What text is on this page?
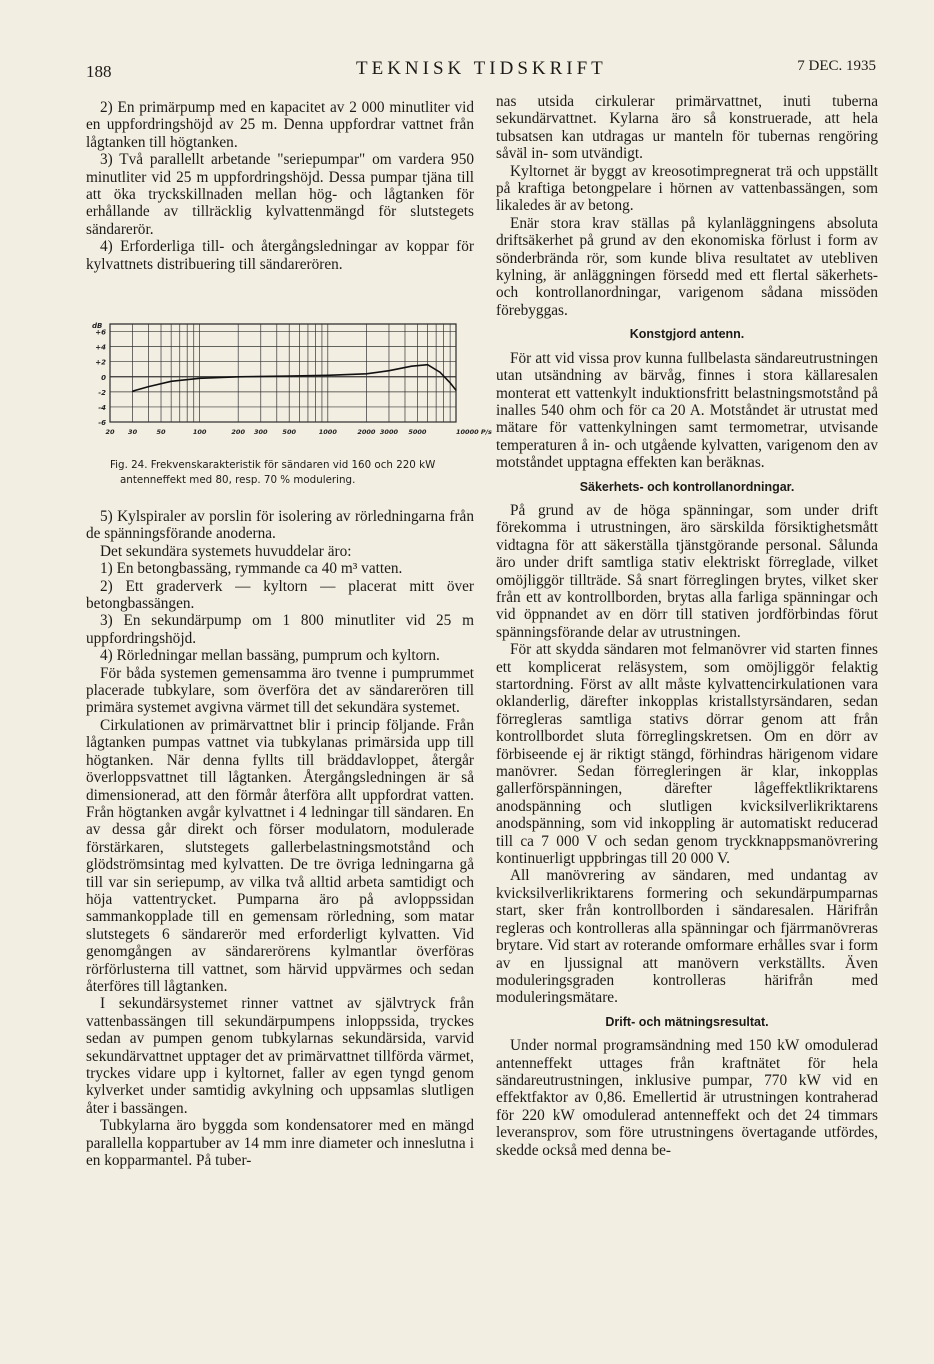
188	TEKNISK TIDSKRIFT	7 DEC. 1935

2) En primärpump med en kapacitet av 2 000 minutliter vid en uppfordringshöjd av 25 m. Denna uppfordrar vattnet från lågtanken till högtanken.

3) Två parallellt arbetande "seriepumpar" om vardera 950 minutliter vid 25 m uppfordringshöjd. Dessa pumpar tjäna till att öka tryckskillnaden mellan hög- och lågtanken för erhållande av tillräcklig kylvattenmängd för slutstegets sändarerör.

4) Erforderliga till- och återgångsledningar av koppar för kylvattnets distribuering till sändarerören.

dB
+6
+4
+2
0
-2
-4
-6
20 30	50	100	200 300 500	1000	2000 3000 5000	10000 P/s
Fig. 24. Frekvenskarakteristik för sändaren vid 160 och 220 kW
antenneffekt med 80, resp. 70 % modulering.

5) Kylspiraler av porslin för isolering av rörledningarna från de spänningsförande anoderna.

Det sekundära systemets huvuddelar äro:

1) En betongbassäng, rymmande ca 40 m³ vatten.

2) Ett graderverk — kyltorn — placerat mitt över betongbassängen.

3) En sekundärpump om 1 800 minutliter vid 25 m uppfordringshöjd.

4) Rörledningar mellan bassäng, pumprum och kyltorn.

För båda systemen gemensamma äro tvenne i pumprummet placerade tubkylare, som överföra det av sändarerören till primära systemet avgivna värmet till det sekundära systemet.

Cirkulationen av primärvattnet blir i princip följande. Från lågtanken pumpas vattnet via tubkylanas primärsida upp till högtanken. När denna fyllts till bräddavloppet, återgår överloppsvattnet till lågtanken. Återgångsledningen är så dimensionerad, att den förmår återföra allt uppfordrat vatten. Från högtanken avgår kylvattnet i 4 ledningar till sändaren. En av dessa går direkt och förser modulatorn, modulerade förstärkaren, slutstegets gallerbelastningsmotstånd och glödströmsintag med kylvatten. De tre övriga ledningarna gå till var sin seriepump, av vilka två alltid arbeta samtidigt och höja vattentrycket. Pumparna äro på avloppssidan sammankopplade till en gemensam rörledning, som matar slutstegets 6 sändarerör med erforderligt kylvatten. Vid genomgången av sändarerörens kylmantlar överföras rörförlusterna till vattnet, som härvid uppvärmes och sedan återföres till lågtanken.

I sekundärsystemet rinner vattnet av självtryck från vattenbassängen till sekundärpumpens inloppssida, tryckes sedan av pumpen genom tubkylarnas sekundärsida, varvid sekundärvattnet upptager det av primärvattnet tillförda värmet, tryckes vidare upp i kyltornet, faller av egen tyngd genom kylverket under samtidig avkylning och uppsamlas slutligen åter i bassängen.

Tubkylarna äro byggda som kondensatorer med en mängd parallella koppartuber av 14 mm inre diameter och inneslutna i en kopparmantel. På tuber-

nas utsida cirkulerar primärvattnet, inuti tuberna sekundärvattnet. Kylarna äro så konstruerade, att hela tubsatsen kan utdragas ur manteln för tubernas rengöring såväl in- som utvändigt.

Kyltornet är byggt av kreosotimpregnerat trä och uppställt på kraftiga betongpelare i hörnen av vattenbassängen, som likaledes är av betong.

Enär stora krav ställas på kylanläggningens absoluta driftsäkerhet på grund av den ekonomiska förlust i form av sönderbrända rör, som kunde bliva resultatet av utebliven kylning, är anläggningen försedd med ett flertal säkerhets- och kontrollanordningar, varigenom sådana missöden förebyggas.

Konstgjord antenn.

För att vid vissa prov kunna fullbelasta sändareutrustningen utan utsändning av bärvåg, finnes i stora källaresalen monterat ett vattenkylt induktionsfritt belastningsmotstånd på inalles 540 ohm och för ca 20 A. Motståndet är utrustat med mätare för vattenkylningen samt termometrar, utvisande temperaturen å in- och utgående kylvatten, varigenom den av motståndet upptagna effekten kan beräknas.

Säkerhets- och kontrollanordningar.

På grund av de höga spänningar, som under drift förekomma i utrustningen, äro särskilda försiktighetsmått vidtagna för att säkerställa tjänstgörande personal. Sålunda äro under drift samtliga stativ elektriskt förreglade, vilket omöjliggör tillträde. Så snart förreglingen brytes, vilket sker från ett av kontrollborden, brytas alla farliga spänningar och vid öppnandet av en dörr till stativen jordförbindas förut spänningsförande delar av utrustningen.

För att skydda sändaren mot felmanövrer vid starten finnes ett komplicerat reläsystem, som omöjliggör felaktig startordning. Först av allt måste kylvattencirkulationen vara oklanderlig, därefter inkopplas kristallstyrsändaren, sedan förregleras samtliga stativs dörrar genom att från kontrollbordet sluta förreglingskretsen. Om en dörr av förbiseende ej är riktigt stängd, förhindras härigenom vidare manövrer. Sedan förregleringen är klar, inkopplas gallerförspänningen, därefter lågeffektlikriktarens anodspänning och slutligen kvicksilverlikriktarens anodspänning, som vid inkoppling är automatiskt reducerad till ca 7 000 V och sedan genom tryckknappsmanövrering kontinuerligt uppbringas till 20 000 V.

All manövrering av sändaren, med undantag av kvicksilverlikriktarens formering och sekundärpumparnas start, sker från kontrollborden i sändaresalen. Härifrån regleras och kontrolleras alla spänningar och fjärrmanövreras brytare. Vid start av roterande omformare erhålles svar i form av en ljussignal att manövern verkställts. Även moduleringsgraden kontrolleras härifrån med moduleringsmätare.

Drift- och mätningsresultat.

Under normal programsändning med 150 kW omodulerad antenneffekt uttages från kraftnätet för hela sändareutrustningen, inklusive pumpar, 770 kW vid en effektfaktor av 0,86. Emellertid är utrustningen kontraherad för 220 kW omodulerad antenneffekt och det 24 timmars leveransprov, som före utrustningens övertagande utfördes, skedde också med denna be-
